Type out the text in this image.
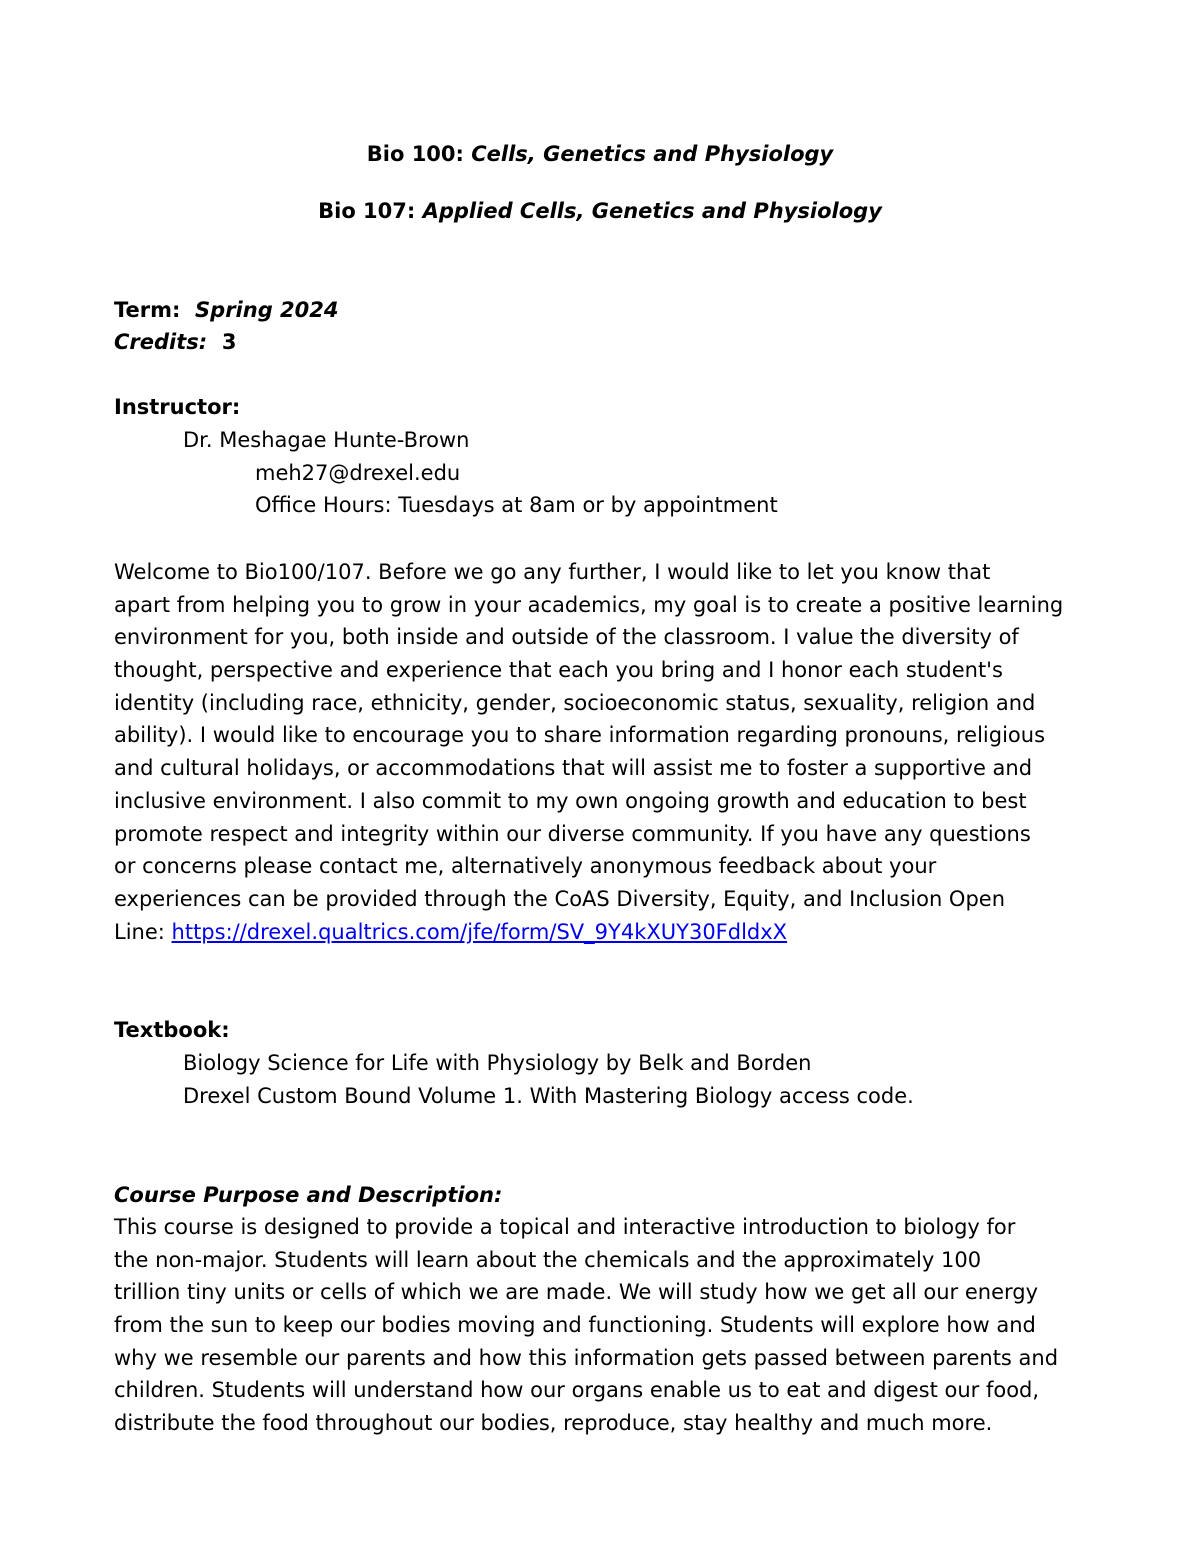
Bio 100: Cells, Genetics and Physiology
Bio 107: Applied Cells, Genetics and Physiology
Term: Spring 2024
Credits: 3
Instructor:
Dr. Meshagae Hunte-Brown
meh27@drexel.edu
Office Hours: Tuesdays at 8am or by appointment
Welcome to Bio100/107. Before we go any further, I would like to let you know that
apart from helping you to grow in your academics, my goal is to create a positive learning
environment for you, both inside and outside of the classroom. I value the diversity of
thought, perspective and experience that each you bring and I honor each student's
identity (including race, ethnicity, gender, socioeconomic status, sexuality, religion and
ability). I would like to encourage you to share information regarding pronouns, religious
and cultural holidays, or accommodations that will assist me to foster a supportive and
inclusive environment. I also commit to my own ongoing growth and education to best
promote respect and integrity within our diverse community. If you have any questions
or concerns please contact me, alternatively anonymous feedback about your
experiences can be provided through the CoAS Diversity, Equity, and Inclusion Open
Line: https://drexel.qualtrics.com/jfe/form/SV_9Y4kXUY30FdldxX
Textbook:
Biology Science for Life with Physiology by Belk and Borden
Drexel Custom Bound Volume 1. With Mastering Biology access code.
Course Purpose and Description:
This course is designed to provide a topical and interactive introduction to biology for
the non-major. Students will learn about the chemicals and the approximately 100
trillion tiny units or cells of which we are made. We will study how we get all our energy
from the sun to keep our bodies moving and functioning. Students will explore how and
why we resemble our parents and how this information gets passed between parents and
children. Students will understand how our organs enable us to eat and digest our food,
distribute the food throughout our bodies, reproduce, stay healthy and much more.
